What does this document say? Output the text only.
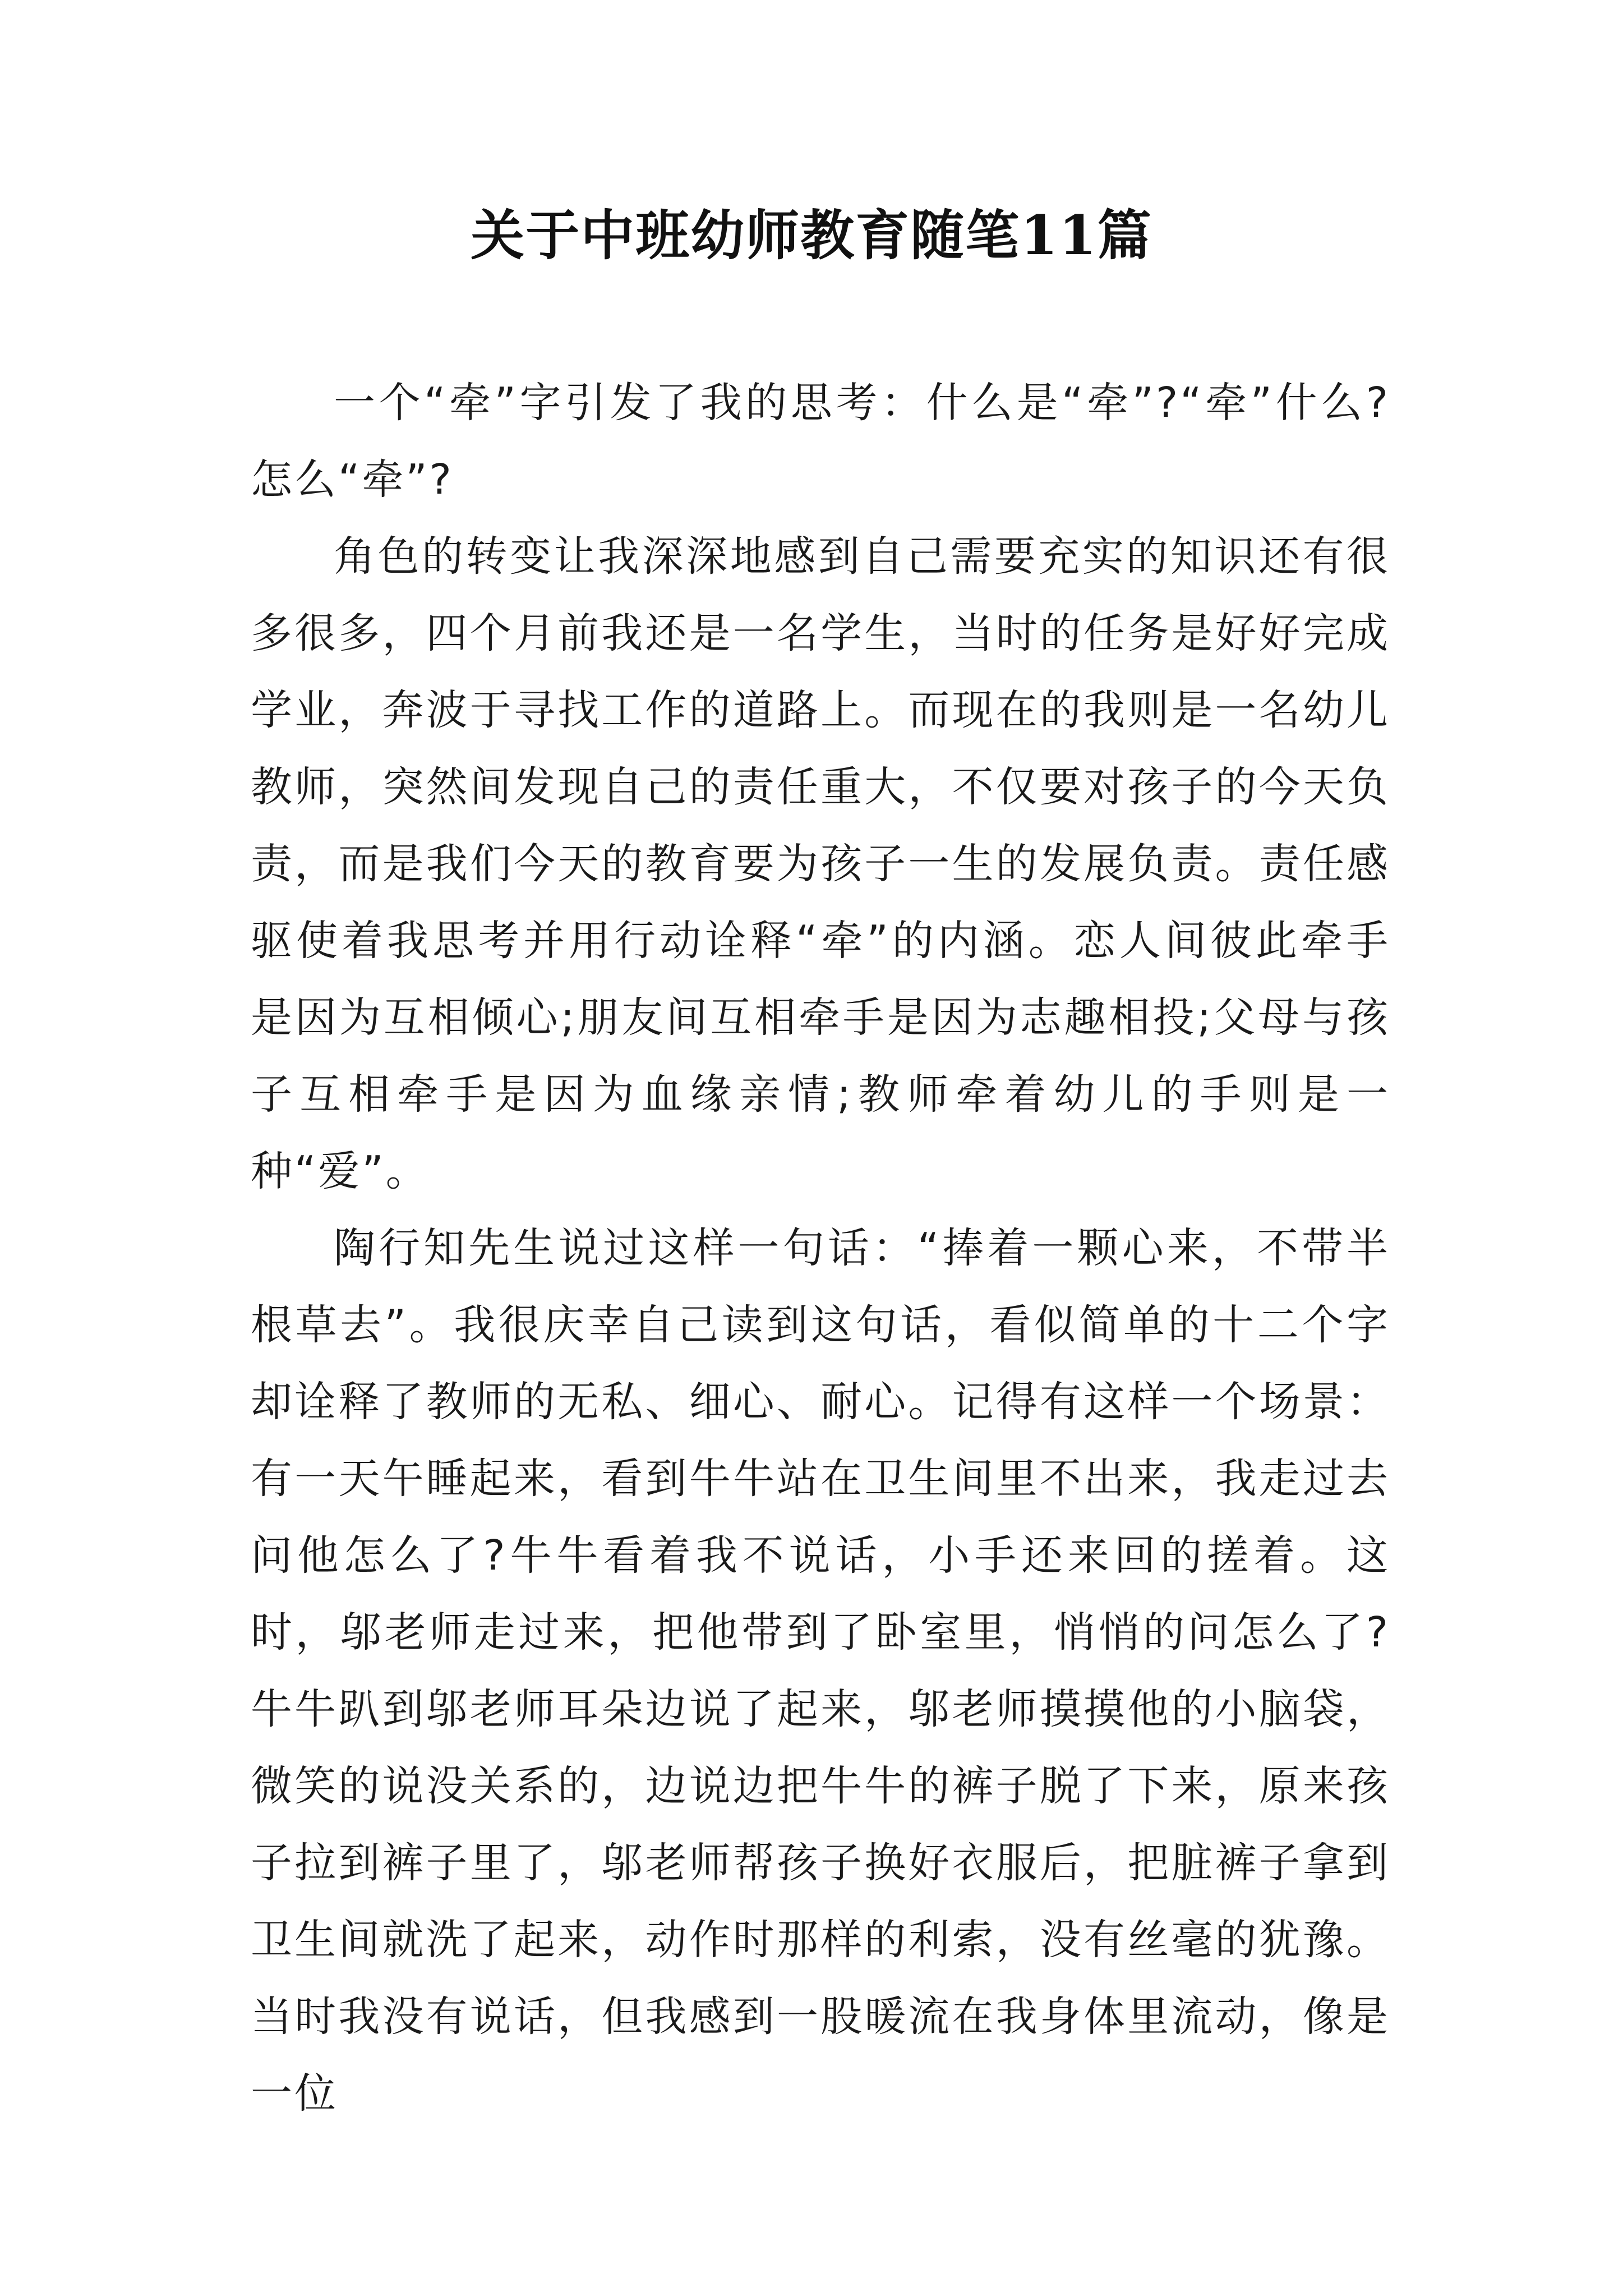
关于中班幼师教育随笔11篇

一个“牵”字引发了我的思考：什么是“牵”?“牵”什么?怎么“牵”?

角色的转变让我深深地感到自己需要充实的知识还有很多很多，四个月前我还是一名学生，当时的任务是好好完成学业，奔波于寻找工作的道路上。而现在的我则是一名幼儿教师，突然间发现自己的责任重大，不仅要对孩子的今天负责，而是我们今天的教育要为孩子一生的发展负责。责任感驱使着我思考并用行动诠释“牵”的内涵。恋人间彼此牵手是因为互相倾心;朋友间互相牵手是因为志趣相投;父母与孩子互相牵手是因为血缘亲情;教师牵着幼儿的手则是一种“爱”。

陶行知先生说过这样一句话：“捧着一颗心来，不带半根草去”。我很庆幸自己读到这句话，看似简单的十二个字却诠释了教师的无私、细心、耐心。记得有这样一个场景：有一天午睡起来，看到牛牛站在卫生间里不出来，我走过去问他怎么了?牛牛看着我不说话，小手还来回的搓着。这时，邬老师走过来，把他带到了卧室里，悄悄的问怎么了?牛牛趴到邬老师耳朵边说了起来，邬老师摸摸他的小脑袋，微笑的说没关系的，边说边把牛牛的裤子脱了下来，原来孩子拉到裤子里了，邬老师帮孩子换好衣服后，把脏裤子拿到卫生间就洗了起来，动作时那样的利索，没有丝毫的犹豫。当时我没有说话，但我感到一股暖流在我身体里流动，像是一位
